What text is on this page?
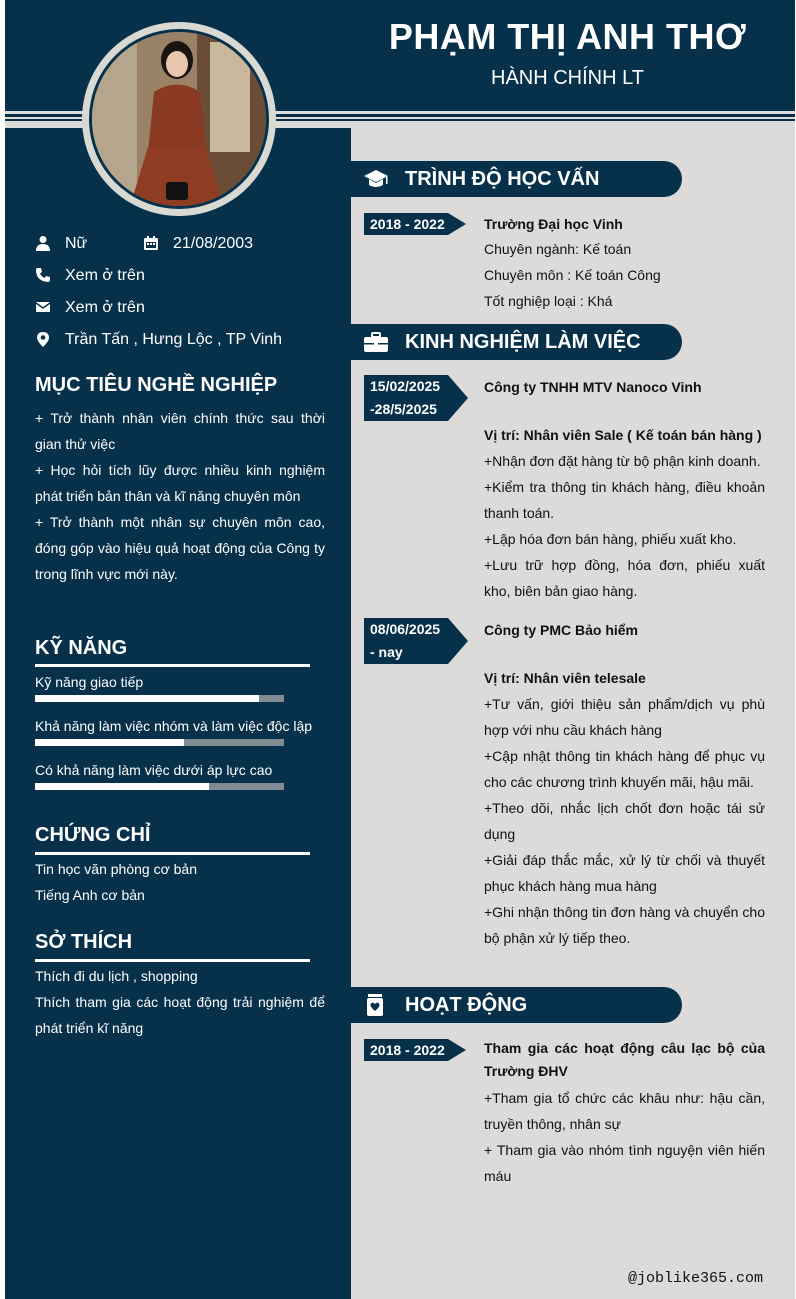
PHẠM THỊ ANH THƠ
HÀNH CHÍNH LT
Nữ	21/08/2003
Xem ở trên
Xem ở trên
Trần Tấn , Hưng Lộc , TP Vinh
MỤC TIÊU NGHỀ NGHIỆP
+ Trở thành nhân viên chính thức sau thời gian thử việc
+ Học hỏi tích lũy được nhiều kinh nghiệm phát triển bản thân và kĩ năng chuyên môn
+ Trở thành một nhân sự chuyên môn cao, đóng góp vào hiệu quả hoạt động của Công ty trong lĩnh vực mới này.
KỸ NĂNG
Kỹ năng giao tiếp
Khả năng làm việc nhóm và làm việc độc lập
Có khả năng làm việc dưới áp lực cao
CHỨNG CHỈ
Tin học văn phòng cơ bản
Tiếng Anh cơ bản
SỞ THÍCH
Thích đi du lịch , shopping
Thích tham gia các hoạt động trải nghiệm để phát triển kĩ năng
TRÌNH ĐỘ HỌC VẤN
2018 - 2022	Trường Đại học Vinh
Chuyên ngành: Kế toán
Chuyên môn : Kế toán Công
Tốt nghiệp loại : Khá
KINH NGHIỆM LÀM VIỆC
15/02/2025
-28/5/2025
Công ty TNHH MTV Nanoco Vinh
Vị trí: Nhân viên Sale ( Kế toán bán hàng )
+Nhận đơn đặt hàng từ bộ phận kinh doanh.
+Kiểm tra thông tin khách hàng, điều khoản thanh toán.
+Lập hóa đơn bán hàng, phiếu xuất kho.
+Lưu trữ hợp đồng, hóa đơn, phiếu xuất kho, biên bản giao hàng.
08/06/2025
- nay
Công ty PMC Bảo hiểm
Vị trí: Nhân viên telesale
+Tư vấn, giới thiệu sản phẩm/dịch vụ phù hợp với nhu cầu khách hàng
+Cập nhật thông tin khách hàng để phục vụ cho các chương trình khuyến mãi, hậu mãi.
+Theo dõi, nhắc lịch chốt đơn hoặc tái sử dụng
+Giải đáp thắc mắc, xử lý từ chối và thuyết phục khách hàng mua hàng
+Ghi nhận thông tin đơn hàng và chuyển cho bộ phận xử lý tiếp theo.
HOẠT ĐỘNG
2018 - 2022	Tham gia các hoạt động câu lạc bộ của Trường ĐHV
+Tham gia tổ chức các khâu như: hậu cần, truyền thông, nhân sự
+ Tham gia vào nhóm tình nguyện viên hiến máu
@joblike365.com
